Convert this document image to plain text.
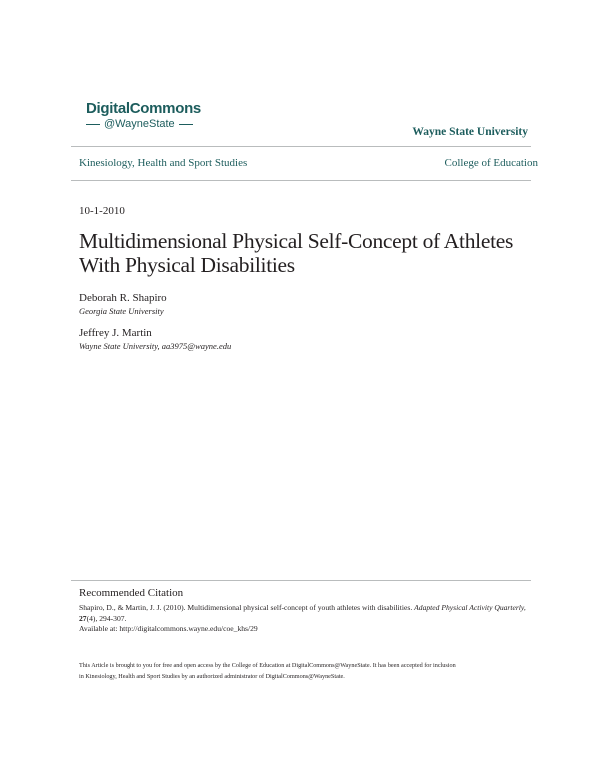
DigitalCommons
@WayneState
Wayne State University
Kinesiology, Health and Sport Studies	College of Education
10-1-2010
Multidimensional Physical Self-Concept of Athletes With Physical Disabilities
Deborah R. Shapiro
Georgia State University
Jeffrey J. Martin
Wayne State University, aa3975@wayne.edu
Recommended Citation
Shapiro, D., & Martin, J. J. (2010). Multidimensional physical self-concept of youth athletes with disabilities. Adapted Physical Activity Quarterly, 27(4), 294-307.
Available at: http://digitalcommons.wayne.edu/coe_khs/29
This Article is brought to you for free and open access by the College of Education at DigitalCommons@WayneState. It has been accepted for inclusion
in Kinesiology, Health and Sport Studies by an authorized administrator of DigitalCommons@WayneState.
